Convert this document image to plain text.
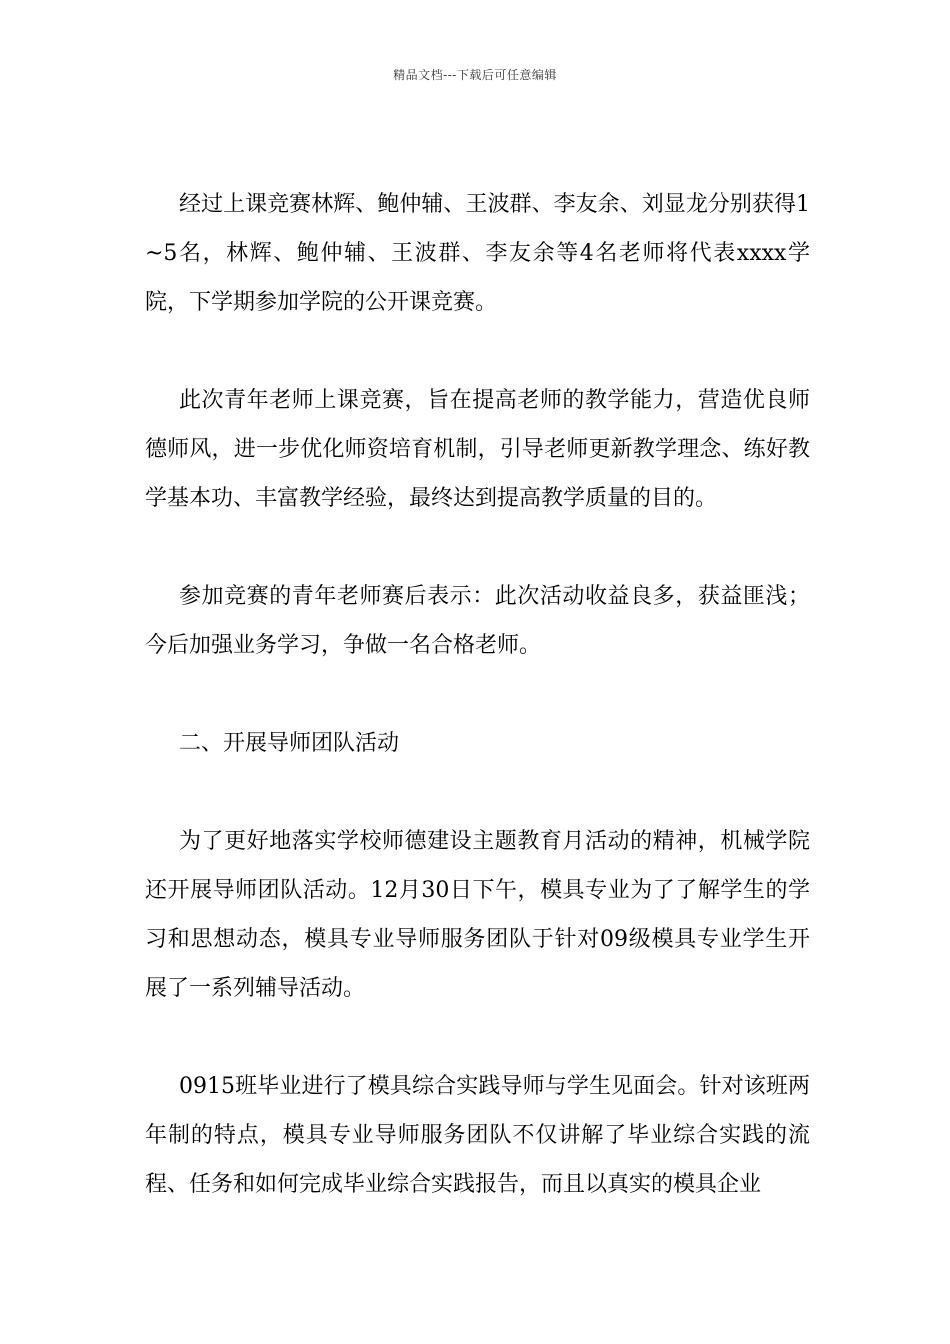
精品文档---下载后可任意编辑

经过上课竞赛林辉、鲍仲辅、王波群、李友余、刘显龙分别获得1~5名，林辉、鲍仲辅、王波群、李友余等4名老师将代表xxxx学院，下学期参加学院的公开课竞赛。

此次青年老师上课竞赛，旨在提高老师的教学能力，营造优良师德师风，进一步优化师资培育机制，引导老师更新教学理念、练好教学基本功、丰富教学经验，最终达到提高教学质量的目的。

参加竞赛的青年老师赛后表示：此次活动收益良多，获益匪浅；今后加强业务学习，争做一名合格老师。

二、开展导师团队活动

为了更好地落实学校师德建设主题教育月活动的精神，机械学院还开展导师团队活动。12月30日下午，模具专业为了了解学生的学习和思想动态，模具专业导师服务团队于针对09级模具专业学生开展了一系列辅导活动。

0915班毕业进行了模具综合实践导师与学生见面会。针对该班两年制的特点，模具专业导师服务团队不仅讲解了毕业综合实践的流程、任务和如何完成毕业综合实践报告，而且以真实的模具企业
